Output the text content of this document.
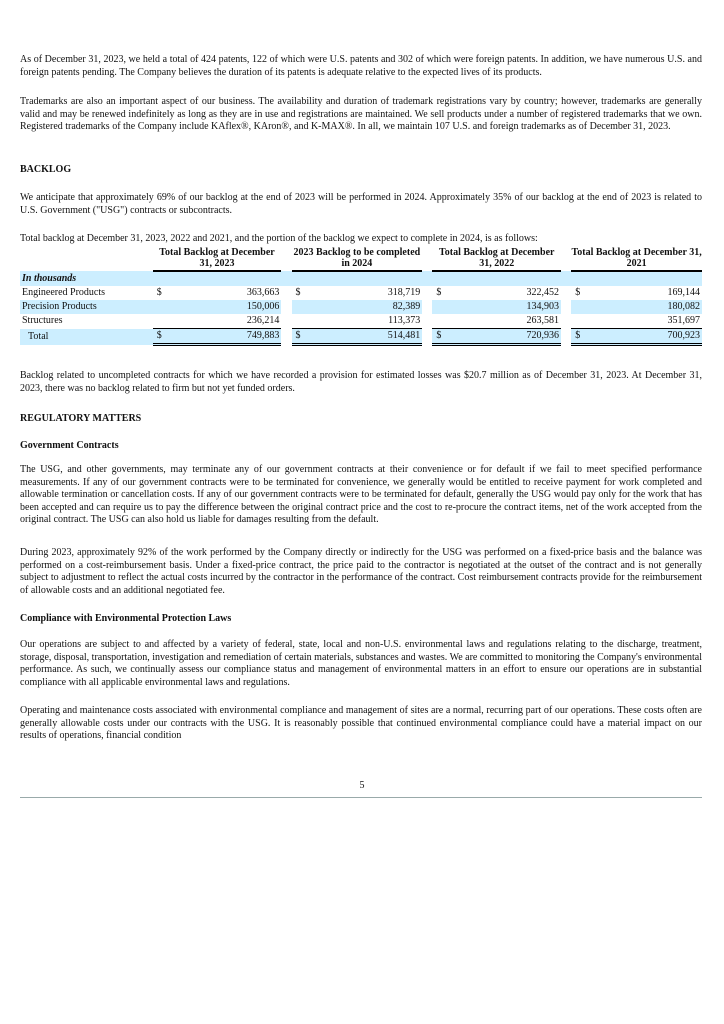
As of December 31, 2023, we held a total of 424 patents, 122 of which were U.S. patents and 302 of which were foreign patents. In addition, we have numerous U.S. and foreign patents pending. The Company believes the duration of its patents is adequate relative to the expected lives of its products.

Trademarks are also an important aspect of our business. The availability and duration of trademark registrations vary by country; however, trademarks are generally valid and may be renewed indefinitely as long as they are in use and registrations are maintained. We sell products under a number of registered trademarks that we own. Registered trademarks of the Company include KAflex®, KAron®, and K-MAX®. In all, we maintain 107 U.S. and foreign trademarks as of December 31, 2023.

BACKLOG

We anticipate that approximately 69% of our backlog at the end of 2023 will be performed in 2024. Approximately 35% of our backlog at the end of 2023 is related to U.S. Government ("USG") contracts or subcontracts.

Total backlog at December 31, 2023, 2022 and 2021, and the portion of the backlog we expect to complete in 2024, is as follows:

	Total Backlog at December 31, 2023			2023 Backlog to be completed in 2024			Total Backlog at December 31, 2022			Total Backlog at December 31, 2021	
In thousands											
Engineered Products	$	363,663		$	318,719		$	322,452		$	169,144
Precision Products		150,006			82,389			134,903			180,082
Structures		236,214			113,373			263,581			351,697
Total	$	749,883		$	514,481		$	720,936		$	700,923

Backlog related to uncompleted contracts for which we have recorded a provision for estimated losses was $20.7 million as of December 31, 2023. At December 31, 2023, there was no backlog related to firm but not yet funded orders.

REGULATORY MATTERS

Government Contracts

The USG, and other governments, may terminate any of our government contracts at their convenience or for default if we fail to meet specified performance measurements. If any of our government contracts were to be terminated for convenience, we generally would be entitled to receive payment for work completed and allowable termination or cancellation costs. If any of our government contracts were to be terminated for default, generally the USG would pay only for the work that has been accepted and can require us to pay the difference between the original contract price and the cost to re-procure the contract items, net of the work accepted from the original contract. The USG can also hold us liable for damages resulting from the default.

During 2023, approximately 92% of the work performed by the Company directly or indirectly for the USG was performed on a fixed-price basis and the balance was performed on a cost-reimbursement basis. Under a fixed-price contract, the price paid to the contractor is negotiated at the outset of the contract and is not generally subject to adjustment to reflect the actual costs incurred by the contractor in the performance of the contract. Cost reimbursement contracts provide for the reimbursement of allowable costs and an additional negotiated fee.

Compliance with Environmental Protection Laws

Our operations are subject to and affected by a variety of federal, state, local and non-U.S. environmental laws and regulations relating to the discharge, treatment, storage, disposal, transportation, investigation and remediation of certain materials, substances and wastes. We are committed to monitoring the Company's environmental performance. As such, we continually assess our compliance status and management of environmental matters in an effort to ensure our operations are in substantial compliance with all applicable environmental laws and regulations.

Operating and maintenance costs associated with environmental compliance and management of sites are a normal, recurring part of our operations. These costs often are generally allowable costs under our contracts with the USG. It is reasonably possible that continued environmental compliance could have a material impact on our results of operations, financial condition

5
